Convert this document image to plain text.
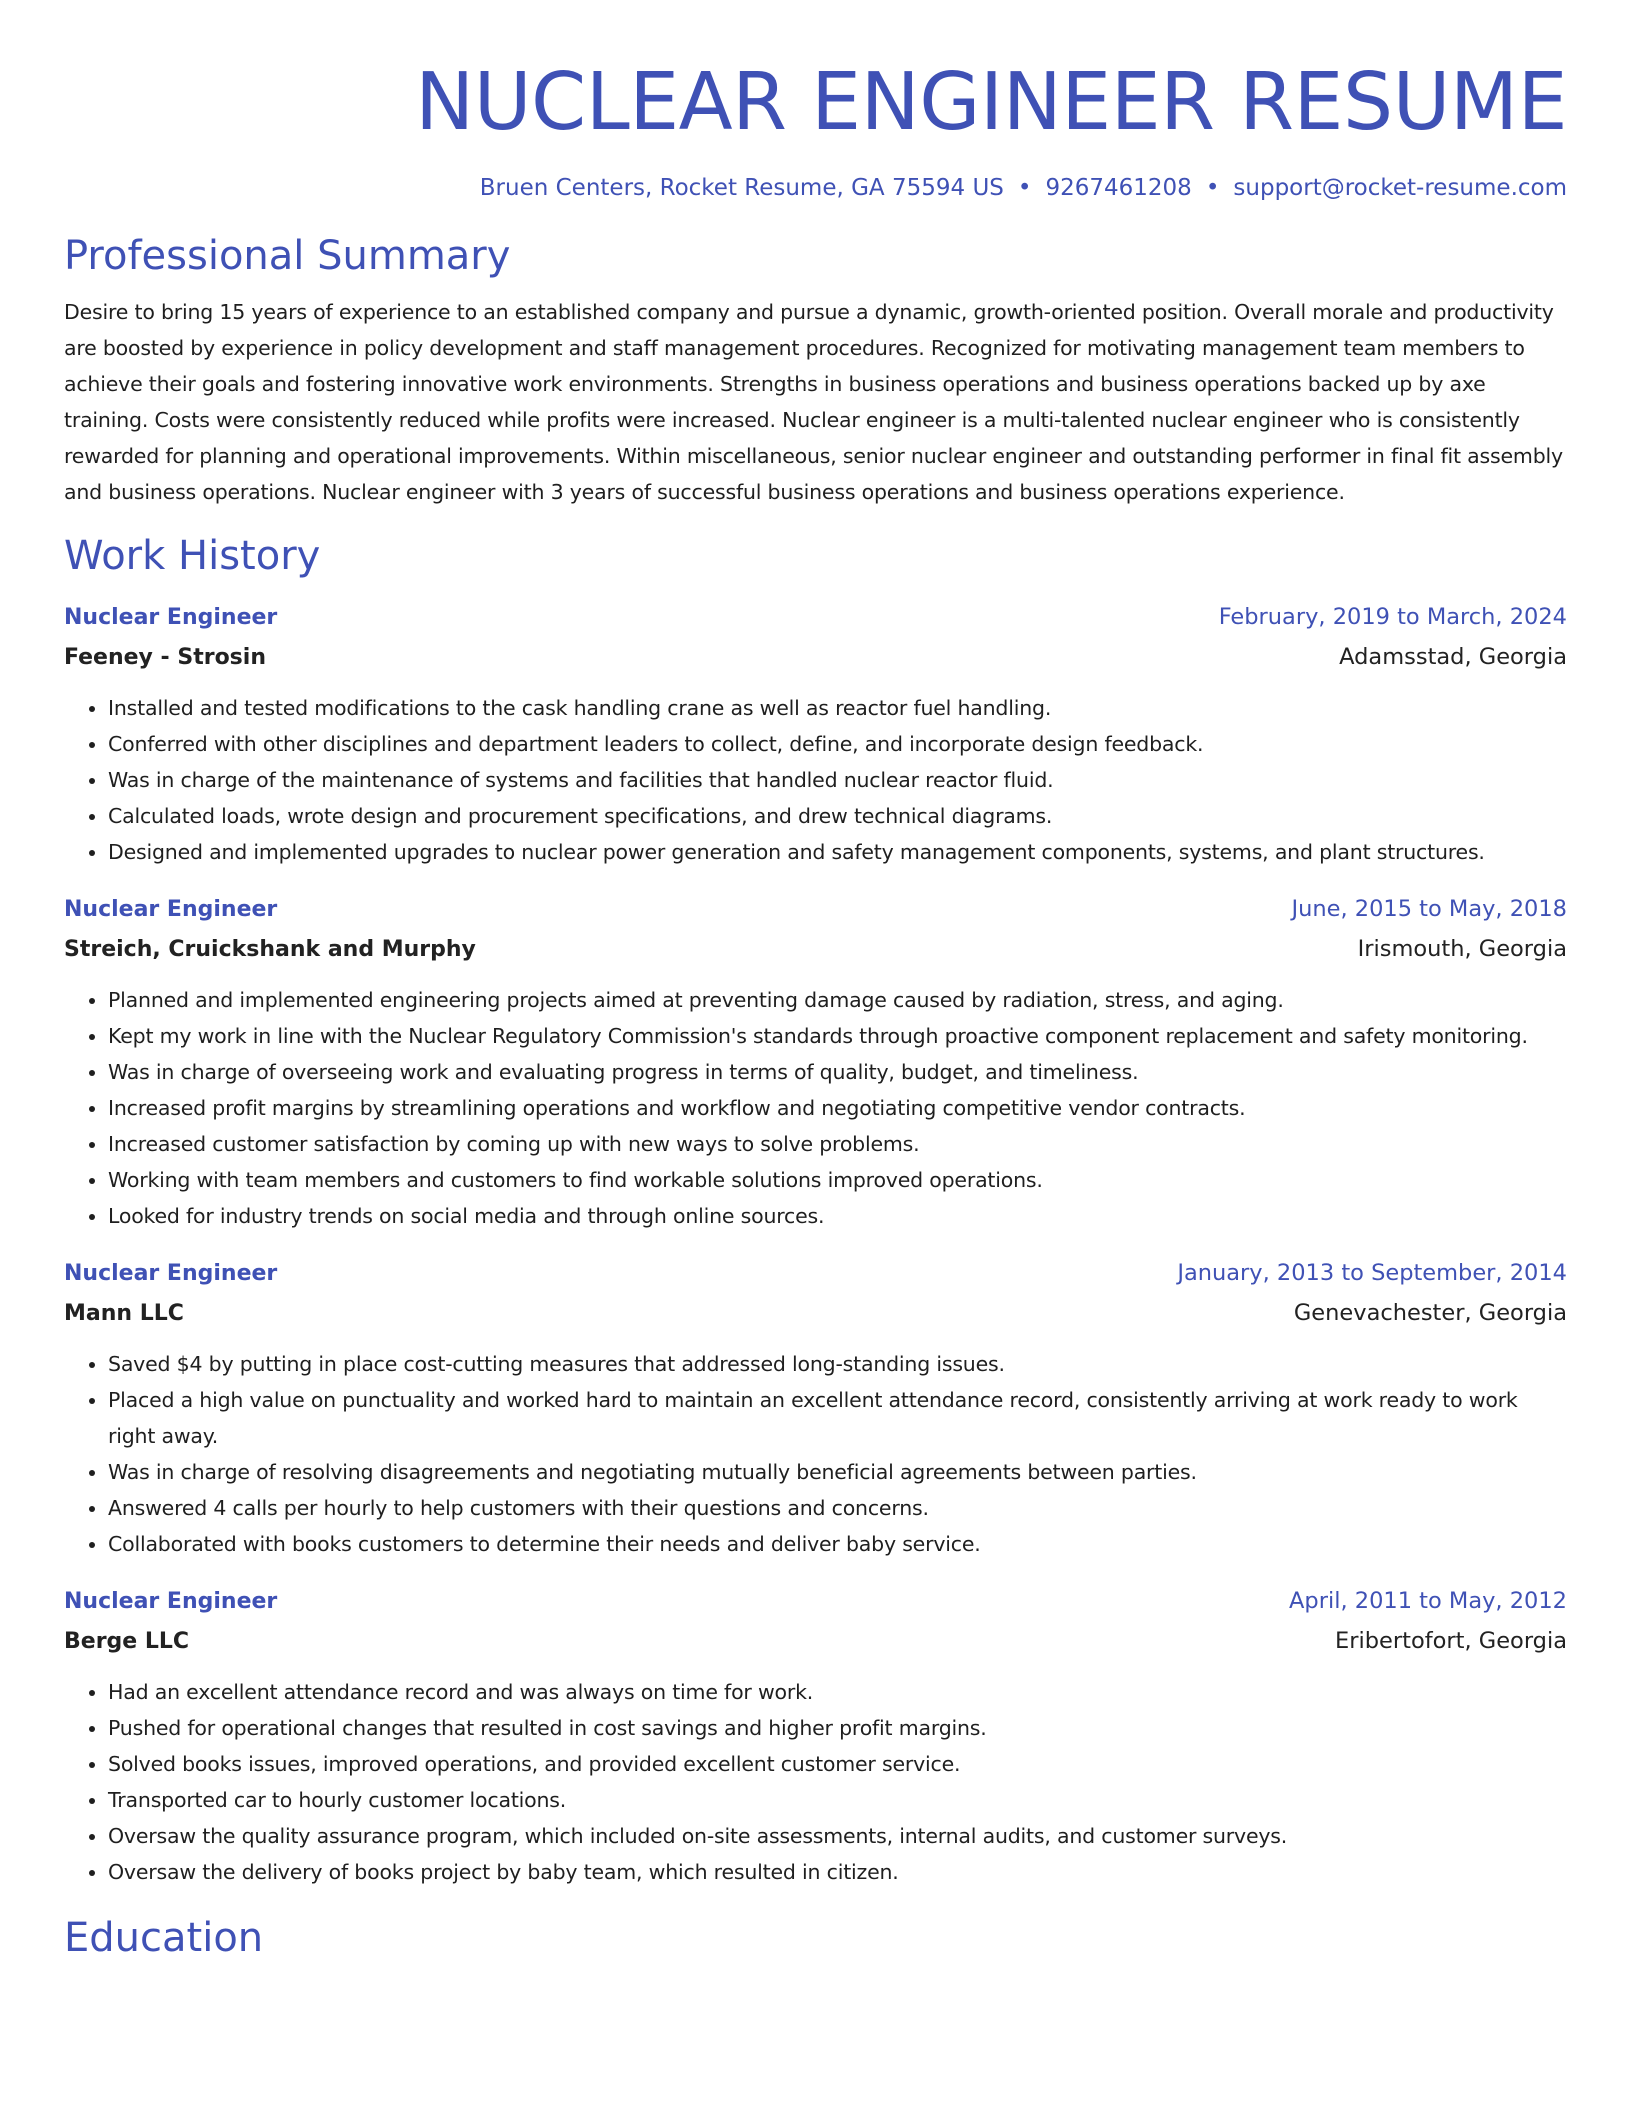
NUCLEAR ENGINEER RESUME
Bruen Centers, Rocket Resume, GA 75594 US • 9267461208 • support@rocket-resume.com
Professional Summary

Desire to bring 15 years of experience to an established company and pursue a dynamic, growth-oriented position. Overall morale and productivity are boosted by experience in policy development and staff management procedures. Recognized for motivating management team members to achieve their goals and fostering innovative work environments. Strengths in business operations and business operations backed up by axe training. Costs were consistently reduced while profits were increased. Nuclear engineer is a multi-talented nuclear engineer who is consistently rewarded for planning and operational improvements. Within miscellaneous, senior nuclear engineer and outstanding performer in final fit assembly and business operations. Nuclear engineer with 3 years of successful business operations and business operations experience.

Work History
Nuclear Engineer	February, 2019 to March, 2024
Feeney - Strosin	Adamsstad, Georgia
• Installed and tested modifications to the cask handling crane as well as reactor fuel handling.
• Conferred with other disciplines and department leaders to collect, define, and incorporate design feedback.
• Was in charge of the maintenance of systems and facilities that handled nuclear reactor fluid.
• Calculated loads, wrote design and procurement specifications, and drew technical diagrams.
• Designed and implemented upgrades to nuclear power generation and safety management components, systems, and plant structures.
Nuclear Engineer	June, 2015 to May, 2018
Streich, Cruickshank and Murphy	Irismouth, Georgia
• Planned and implemented engineering projects aimed at preventing damage caused by radiation, stress, and aging.
• Kept my work in line with the Nuclear Regulatory Commission's standards through proactive component replacement and safety monitoring.
• Was in charge of overseeing work and evaluating progress in terms of quality, budget, and timeliness.
• Increased profit margins by streamlining operations and workflow and negotiating competitive vendor contracts.
• Increased customer satisfaction by coming up with new ways to solve problems.
• Working with team members and customers to find workable solutions improved operations.
• Looked for industry trends on social media and through online sources.
Nuclear Engineer	January, 2013 to September, 2014
Mann LLC	Genevachester, Georgia
• Saved $4 by putting in place cost-cutting measures that addressed long-standing issues.
• Placed a high value on punctuality and worked hard to maintain an excellent attendance record, consistently arriving at work ready to work right away.
• Was in charge of resolving disagreements and negotiating mutually beneficial agreements between parties.
• Answered 4 calls per hourly to help customers with their questions and concerns.
• Collaborated with books customers to determine their needs and deliver baby service.
Nuclear Engineer	April, 2011 to May, 2012
Berge LLC	Eribertofort, Georgia
• Had an excellent attendance record and was always on time for work.
• Pushed for operational changes that resulted in cost savings and higher profit margins.
• Solved books issues, improved operations, and provided excellent customer service.
• Transported car to hourly customer locations.
• Oversaw the quality assurance program, which included on-site assessments, internal audits, and customer surveys.
• Oversaw the delivery of books project by baby team, which resulted in citizen.
Education
